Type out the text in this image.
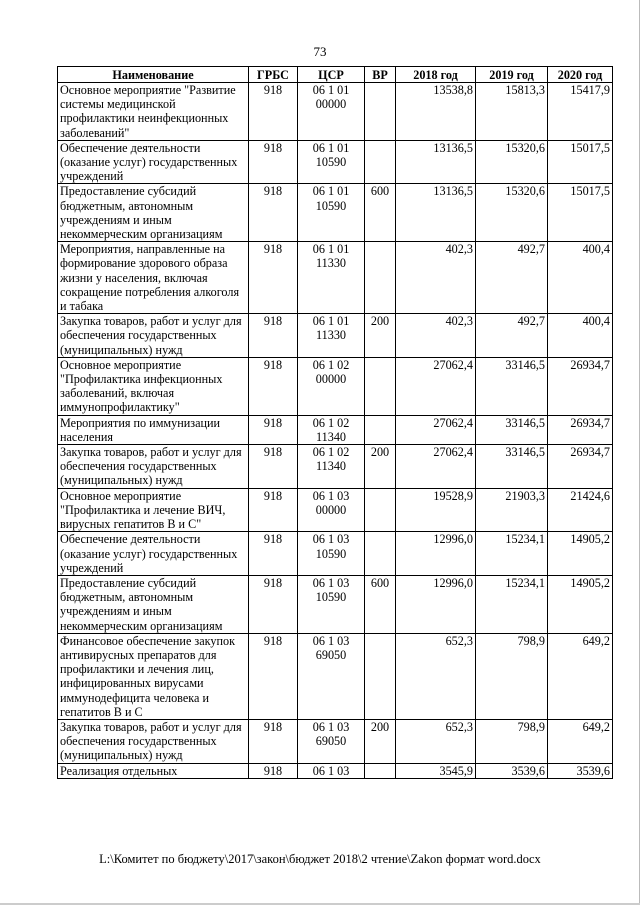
73
Наименование	ГРБС	ЦСР	ВР	2018 год	2019 год	2020 год
Основное мероприятие "Развитие системы медицинской профилактики неинфекционных заболеваний"	918	06 1 01 00000		13538,8	15813,3	15417,9
Обеспечение деятельности (оказание услуг) государственных учреждений	918	06 1 01 10590		13136,5	15320,6	15017,5
Предоставление субсидий бюджетным, автономным учреждениям и иным некоммерческим организациям	918	06 1 01 10590	600	13136,5	15320,6	15017,5
Мероприятия, направленные на формирование здорового образа жизни у населения, включая сокращение потребления алкоголя и табака	918	06 1 01 11330		402,3	492,7	400,4
Закупка товаров, работ и услуг для обеспечения государственных (муниципальных) нужд	918	06 1 01 11330	200	402,3	492,7	400,4
Основное мероприятие "Профилактика инфекционных заболеваний, включая иммунопрофилактику"	918	06 1 02 00000		27062,4	33146,5	26934,7
Мероприятия по иммунизации населения	918	06 1 02 11340		27062,4	33146,5	26934,7
Закупка товаров, работ и услуг для обеспечения государственных (муниципальных) нужд	918	06 1 02 11340	200	27062,4	33146,5	26934,7
Основное мероприятие "Профилактика и лечение ВИЧ, вирусных гепатитов В и С"	918	06 1 03 00000		19528,9	21903,3	21424,6
Обеспечение деятельности (оказание услуг) государственных учреждений	918	06 1 03 10590		12996,0	15234,1	14905,2
Предоставление субсидий бюджетным, автономным учреждениям и иным некоммерческим организациям	918	06 1 03 10590	600	12996,0	15234,1	14905,2
Финансовое обеспечение закупок антивирусных препаратов для профилактики и лечения лиц, инфицированных вирусами иммунодефицита человека и гепатитов В и С	918	06 1 03 69050		652,3	798,9	649,2
Закупка товаров, работ и услуг для обеспечения государственных (муниципальных) нужд	918	06 1 03 69050	200	652,3	798,9	649,2
Реализация отдельных	918	06 1 03		3545,9	3539,6	3539,6
L:\Комитет по бюджету\2017\закон\бюджет 2018\2 чтение\Zakon формат word.docx
